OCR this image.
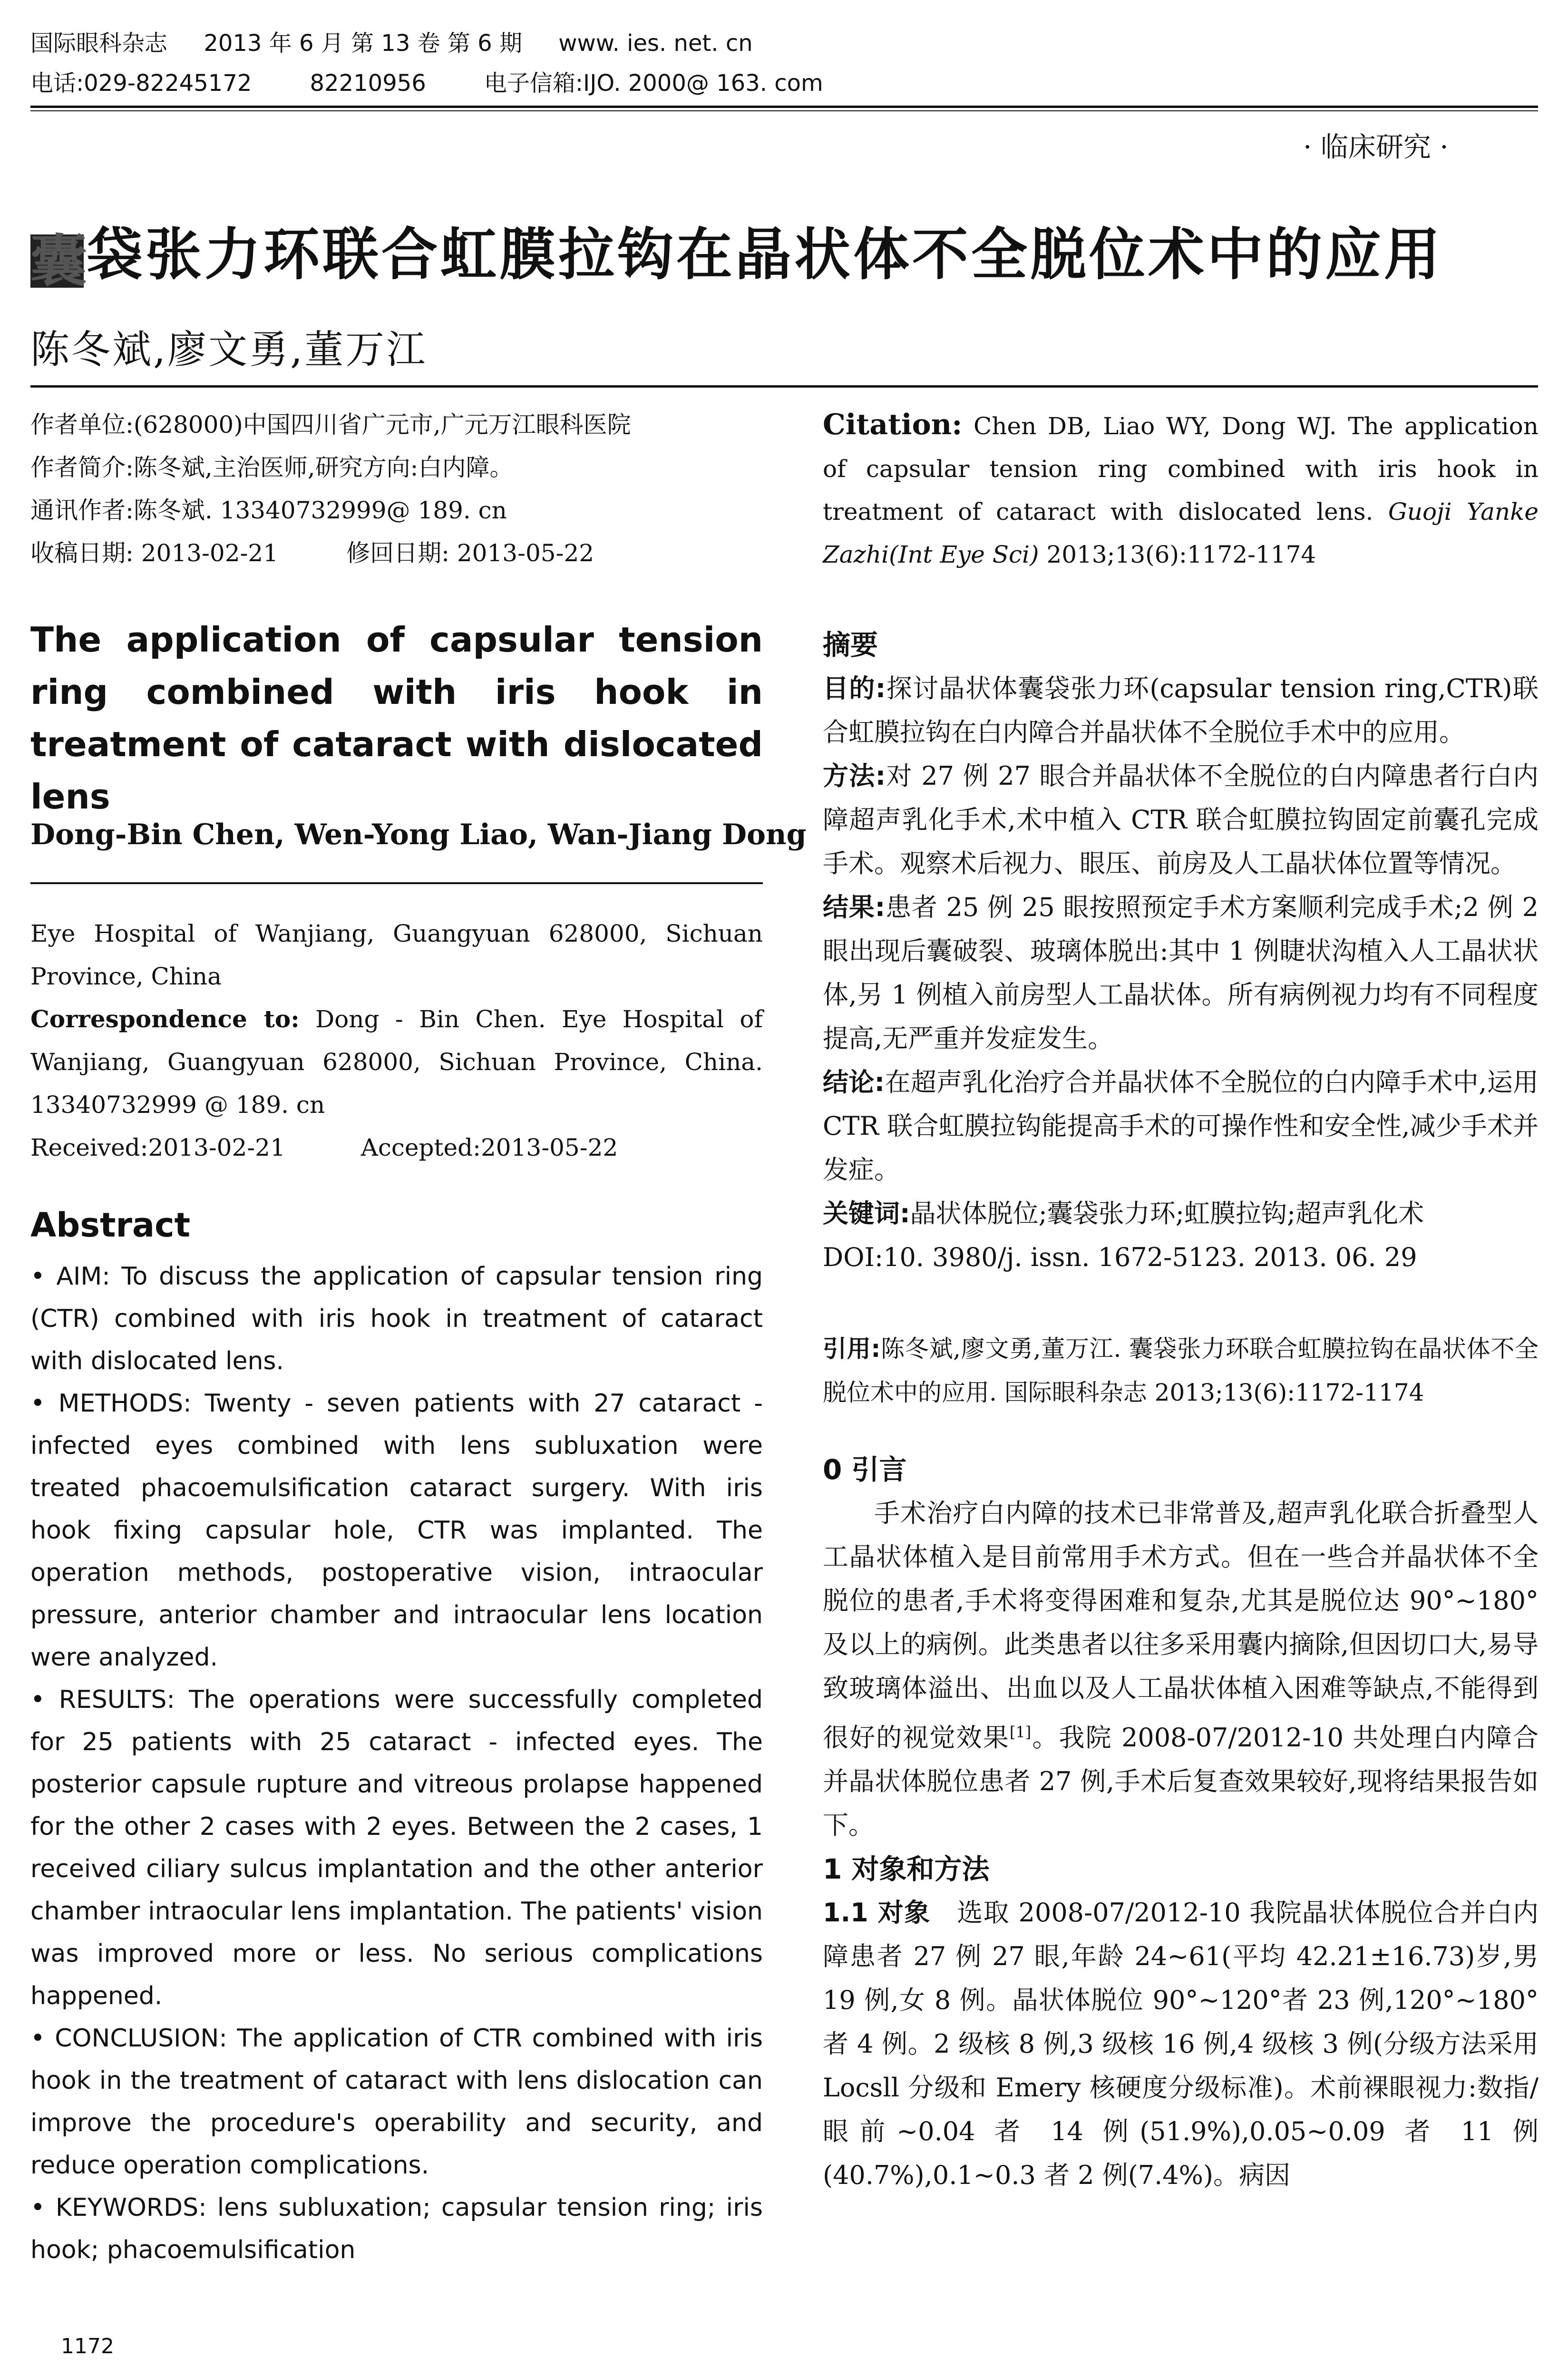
国际眼科杂志 2013 年 6 月 第 13 卷 第 6 期 www. ies. net. cn
电话:029-82245172	82210956	电子信箱:IJO. 2000@ 163. com
· 临床研究 ·
囊袋张力环联合虹膜拉钩在晶状体不全脱位术中的应用
陈冬斌,廖文勇,董万江
作者单位:(628000)中国四川省广元市,广元万江眼科医院
作者简介:陈冬斌,主治医师,研究方向:白内障。
通讯作者:陈冬斌. 13340732999@ 189. cn
收稿日期: 2013-02-21	修回日期: 2013-05-22
Citation: Chen DB, Liao WY, Dong WJ. The application of capsular tension ring combined with iris hook in treatment of cataract with dislocated lens. Guoji Yanke Zazhi(Int Eye Sci) 2013;13(6):1172-1174
The application of capsular tension ring combined with iris hook in treatment of cataract with dislocated lens
Dong-Bin Chen, Wen-Yong Liao, Wan-Jiang Dong
Eye Hospital of Wanjiang, Guangyuan 628000, Sichuan Province, China
Correspondence to: Dong - Bin Chen. Eye Hospital of Wanjiang, Guangyuan 628000, Sichuan Province, China. 13340732999 @ 189. cn
Received:2013-02-21	Accepted:2013-05-22
Abstract

• AIM: To discuss the application of capsular tension ring (CTR) combined with iris hook in treatment of cataract with dislocated lens.

• METHODS: Twenty - seven patients with 27 cataract - infected eyes combined with lens subluxation were treated phacoemulsification cataract surgery. With iris hook fixing capsular hole, CTR was implanted. The operation methods, postoperative vision, intraocular pressure, anterior chamber and intraocular lens location were analyzed.

• RESULTS: The operations were successfully completed for 25 patients with 25 cataract - infected eyes. The posterior capsule rupture and vitreous prolapse happened for the other 2 cases with 2 eyes. Between the 2 cases, 1 received ciliary sulcus implantation and the other anterior chamber intraocular lens implantation. The patients' vision was improved more or less. No serious complications happened.

• CONCLUSION: The application of CTR combined with iris hook in the treatment of cataract with lens dislocation can improve the procedure's operability and security, and reduce operation complications.

• KEYWORDS: lens subluxation; capsular tension ring; iris hook; phacoemulsification

摘要

目的:探讨晶状体囊袋张力环(capsular tension ring,CTR)联合虹膜拉钩在白内障合并晶状体不全脱位手术中的应用。

方法:对 27 例 27 眼合并晶状体不全脱位的白内障患者行白内障超声乳化手术,术中植入 CTR 联合虹膜拉钩固定前囊孔完成手术。观察术后视力、眼压、前房及人工晶状体位置等情况。

结果:患者 25 例 25 眼按照预定手术方案顺利完成手术;2 例 2 眼出现后囊破裂、玻璃体脱出:其中 1 例睫状沟植入人工晶状状体,另 1 例植入前房型人工晶状体。所有病例视力均有不同程度提高,无严重并发症发生。

结论:在超声乳化治疗合并晶状体不全脱位的白内障手术中,运用 CTR 联合虹膜拉钩能提高手术的可操作性和安全性,减少手术并发症。

关键词:晶状体脱位;囊袋张力环;虹膜拉钩;超声乳化术

DOI:10. 3980/j. issn. 1672-5123. 2013. 06. 29

引用:陈冬斌,廖文勇,董万江. 囊袋张力环联合虹膜拉钩在晶状体不全脱位术中的应用. 国际眼科杂志 2013;13(6):1172-1174

0 引言

手术治疗白内障的技术已非常普及,超声乳化联合折叠型人工晶状体植入是目前常用手术方式。但在一些合并晶状体不全脱位的患者,手术将变得困难和复杂,尤其是脱位达 90°~180°及以上的病例。此类患者以往多采用囊内摘除,但因切口大,易导致玻璃体溢出、出血以及人工晶状体植入困难等缺点,不能得到很好的视觉效果[1]。我院 2008-07/2012-10 共处理白内障合并晶状体脱位患者 27 例,手术后复查效果较好,现将结果报告如下。

1 对象和方法

1.1 对象 选取 2008-07/2012-10 我院晶状体脱位合并白内障患者 27 例 27 眼,年龄 24~61(平均 42.21±16.73)岁,男 19 例,女 8 例。晶状体脱位 90°~120°者 23 例,120°~180°者 4 例。2 级核 8 例,3 级核 16 例,4 级核 3 例(分级方法采用 Locsll 分级和 Emery 核硬度分级标准)。术前裸眼视力:数指/眼前~0.04 者 14 例(51.9%),0.05~0.09 者 11 例(40.7%),0.1~0.3 者 2 例(7.4%)。病因

1172
